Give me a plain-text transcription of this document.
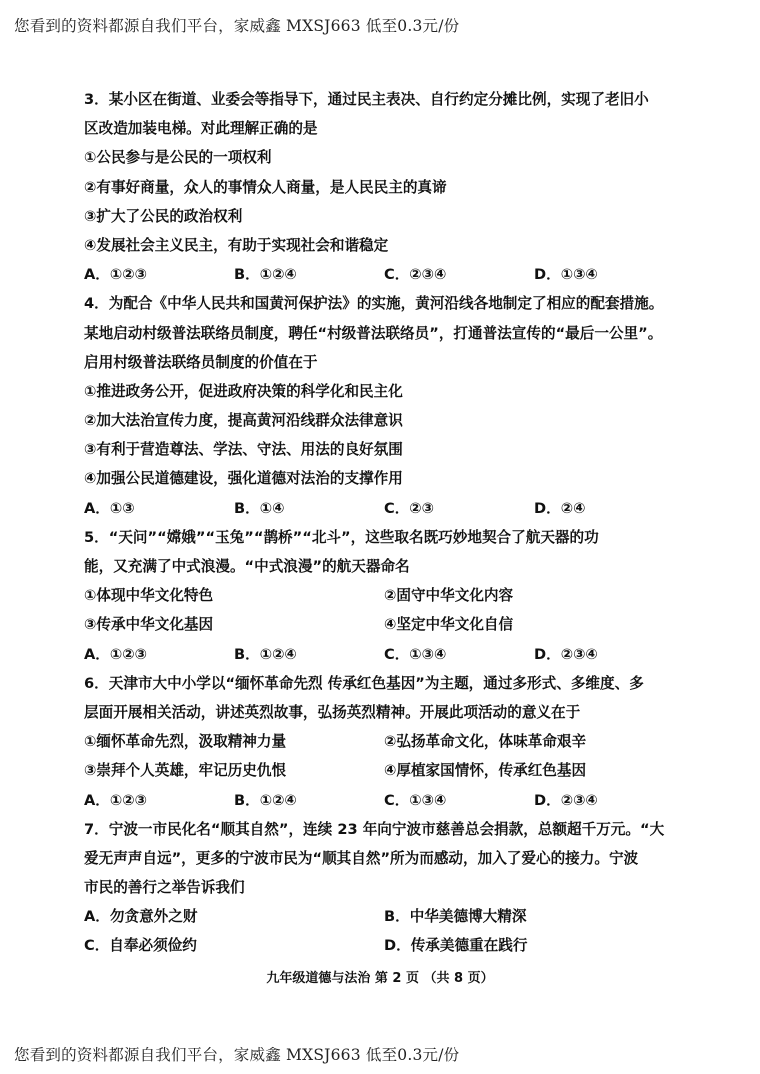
您看到的资料都源自我们平台，家威鑫 MXSJ663 低至0.3元/份
3．某小区在街道、业委会等指导下，通过民主表决、自行约定分摊比例，实现了老旧小
区改造加装电梯。对此理解正确的是
①公民参与是公民的一项权利
②有事好商量，众人的事情众人商量，是人民民主的真谛
③扩大了公民的政治权利
④发展社会主义民主，有助于实现社会和谐稳定
A．①②③	B．①②④	C．②③④	D．①③④
4．为配合《中华人民共和国黄河保护法》的实施，黄河沿线各地制定了相应的配套措施。
某地启动村级普法联络员制度，聘任“村级普法联络员”，打通普法宣传的“最后一公里”。
启用村级普法联络员制度的价值在于
①推进政务公开，促进政府决策的科学化和民主化
②加大法治宣传力度，提高黄河沿线群众法律意识
③有利于营造尊法、学法、守法、用法的良好氛围
④加强公民道德建设，强化道德对法治的支撑作用
A．①③	B．①④	C．②③	D．②④
5．“天问”“嫦娥”“玉兔”“鹊桥”“北斗”，这些取名既巧妙地契合了航天器的功
能，又充满了中式浪漫。“中式浪漫”的航天器命名
①体现中华文化特色	②固守中华文化内容
③传承中华文化基因	④坚定中华文化自信
A．①②③	B．①②④	C．①③④	D．②③④
6．天津市大中小学以“缅怀革命先烈 传承红色基因”为主题，通过多形式、多维度、多
层面开展相关活动，讲述英烈故事，弘扬英烈精神。开展此项活动的意义在于
①缅怀革命先烈，汲取精神力量	②弘扬革命文化，体味革命艰辛
③崇拜个人英雄，牢记历史仇恨	④厚植家国情怀，传承红色基因
A．①②③	B．①②④	C．①③④	D．②③④
7．宁波一市民化名“顺其自然”，连续 23 年向宁波市慈善总会捐款，总额超千万元。“大
爱无声声自远”，更多的宁波市民为“顺其自然”所为而感动，加入了爱心的接力。宁波
市民的善行之举告诉我们
A．勿贪意外之财	B．中华美德博大精深
C．自奉必须俭约	D．传承美德重在践行
九年级道德与法治 第 2 页 （共 8 页）
您看到的资料都源自我们平台，家威鑫 MXSJ663 低至0.3元/份
